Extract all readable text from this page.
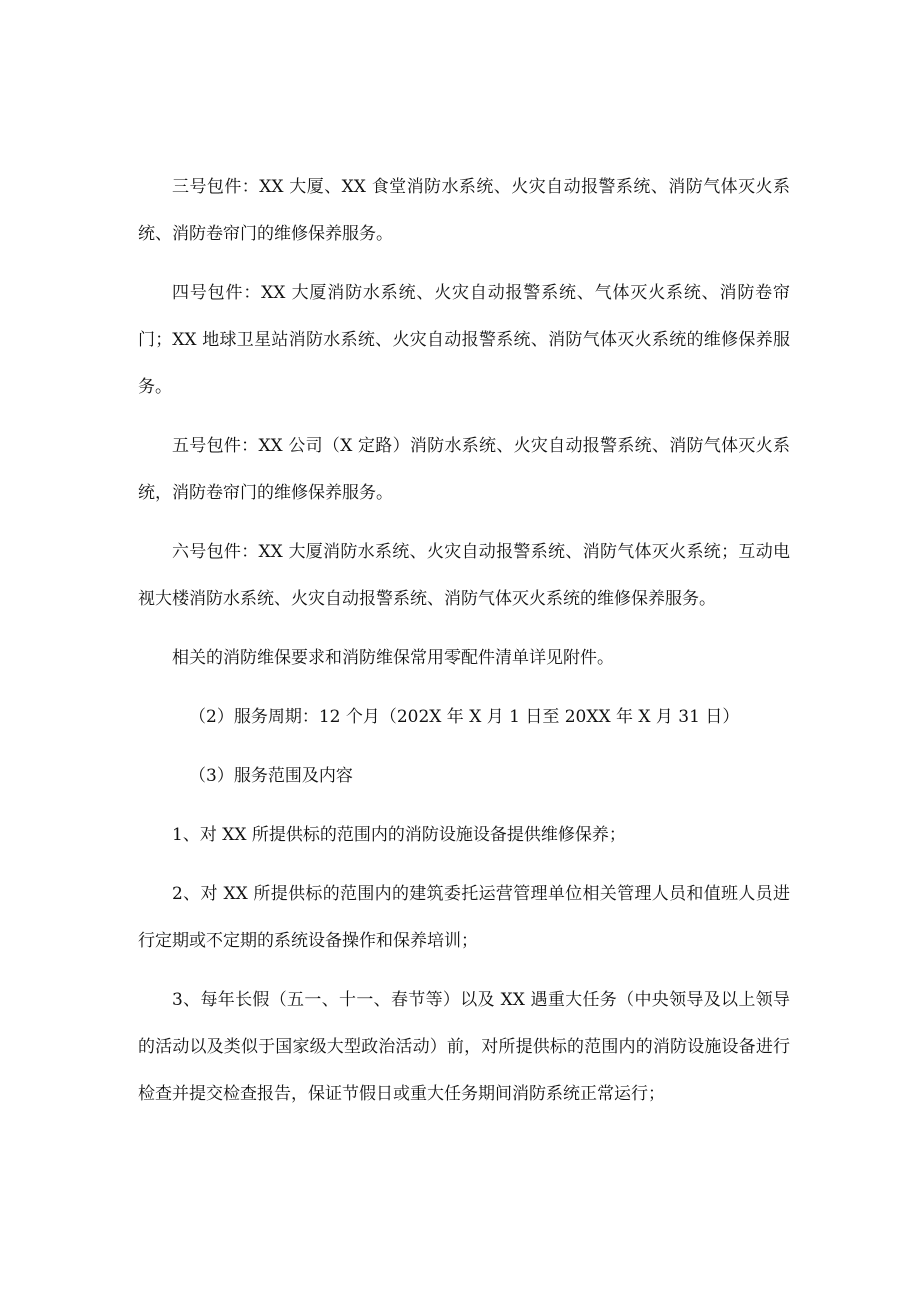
三号包件：XX 大厦、XX 食堂消防水系统、火灾自动报警系统、消防气体灭火系统、消防卷帘门的维修保养服务。

四号包件：XX 大厦消防水系统、火灾自动报警系统、气体灭火系统、消防卷帘门；XX 地球卫星站消防水系统、火灾自动报警系统、消防气体灭火系统的维修保养服务。

五号包件：XX 公司（X 定路）消防水系统、火灾自动报警系统、消防气体灭火系统，消防卷帘门的维修保养服务。

六号包件：XX 大厦消防水系统、火灾自动报警系统、消防气体灭火系统；互动电视大楼消防水系统、火灾自动报警系统、消防气体灭火系统的维修保养服务。

相关的消防维保要求和消防维保常用零配件清单详见附件。

（2）服务周期：12 个月（202X 年 X 月 1 日至 20XX 年 X 月 31 日）

（3）服务范围及内容

1、对 XX 所提供标的范围内的消防设施设备提供维修保养；

2、对 XX 所提供标的范围内的建筑委托运营管理单位相关管理人员和值班人员进行定期或不定期的系统设备操作和保养培训；

3、每年长假（五一、十一、春节等）以及 XX 遇重大任务（中央领导及以上领导的活动以及类似于国家级大型政治活动）前，对所提供标的范围内的消防设施设备进行检查并提交检查报告，保证节假日或重大任务期间消防系统正常运行；
